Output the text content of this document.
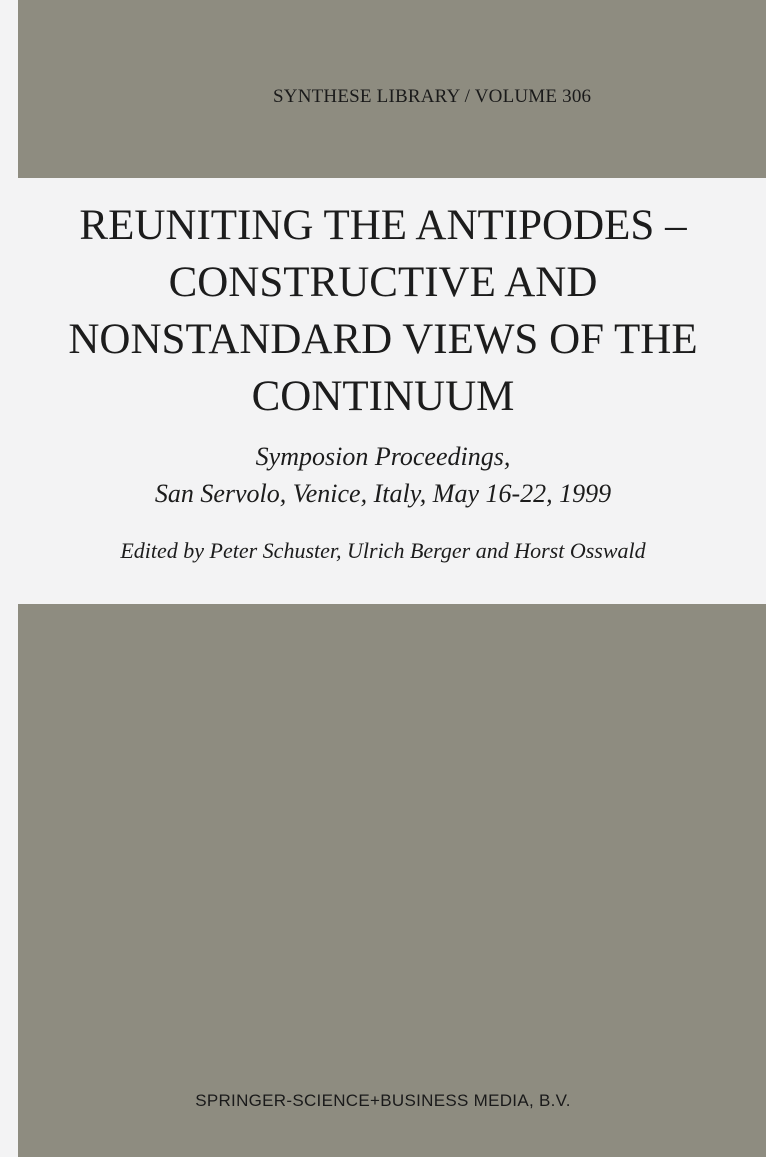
SYNTHESE LIBRARY / VOLUME 306
REUNITING THE ANTIPODES –
CONSTRUCTIVE AND
NONSTANDARD VIEWS OF THE
CONTINUUM
Symposion Proceedings,
San Servolo, Venice, Italy, May 16-22, 1999
Edited by Peter Schuster, Ulrich Berger and Horst Osswald
SPRINGER-SCIENCE+BUSINESS MEDIA, B.V.
